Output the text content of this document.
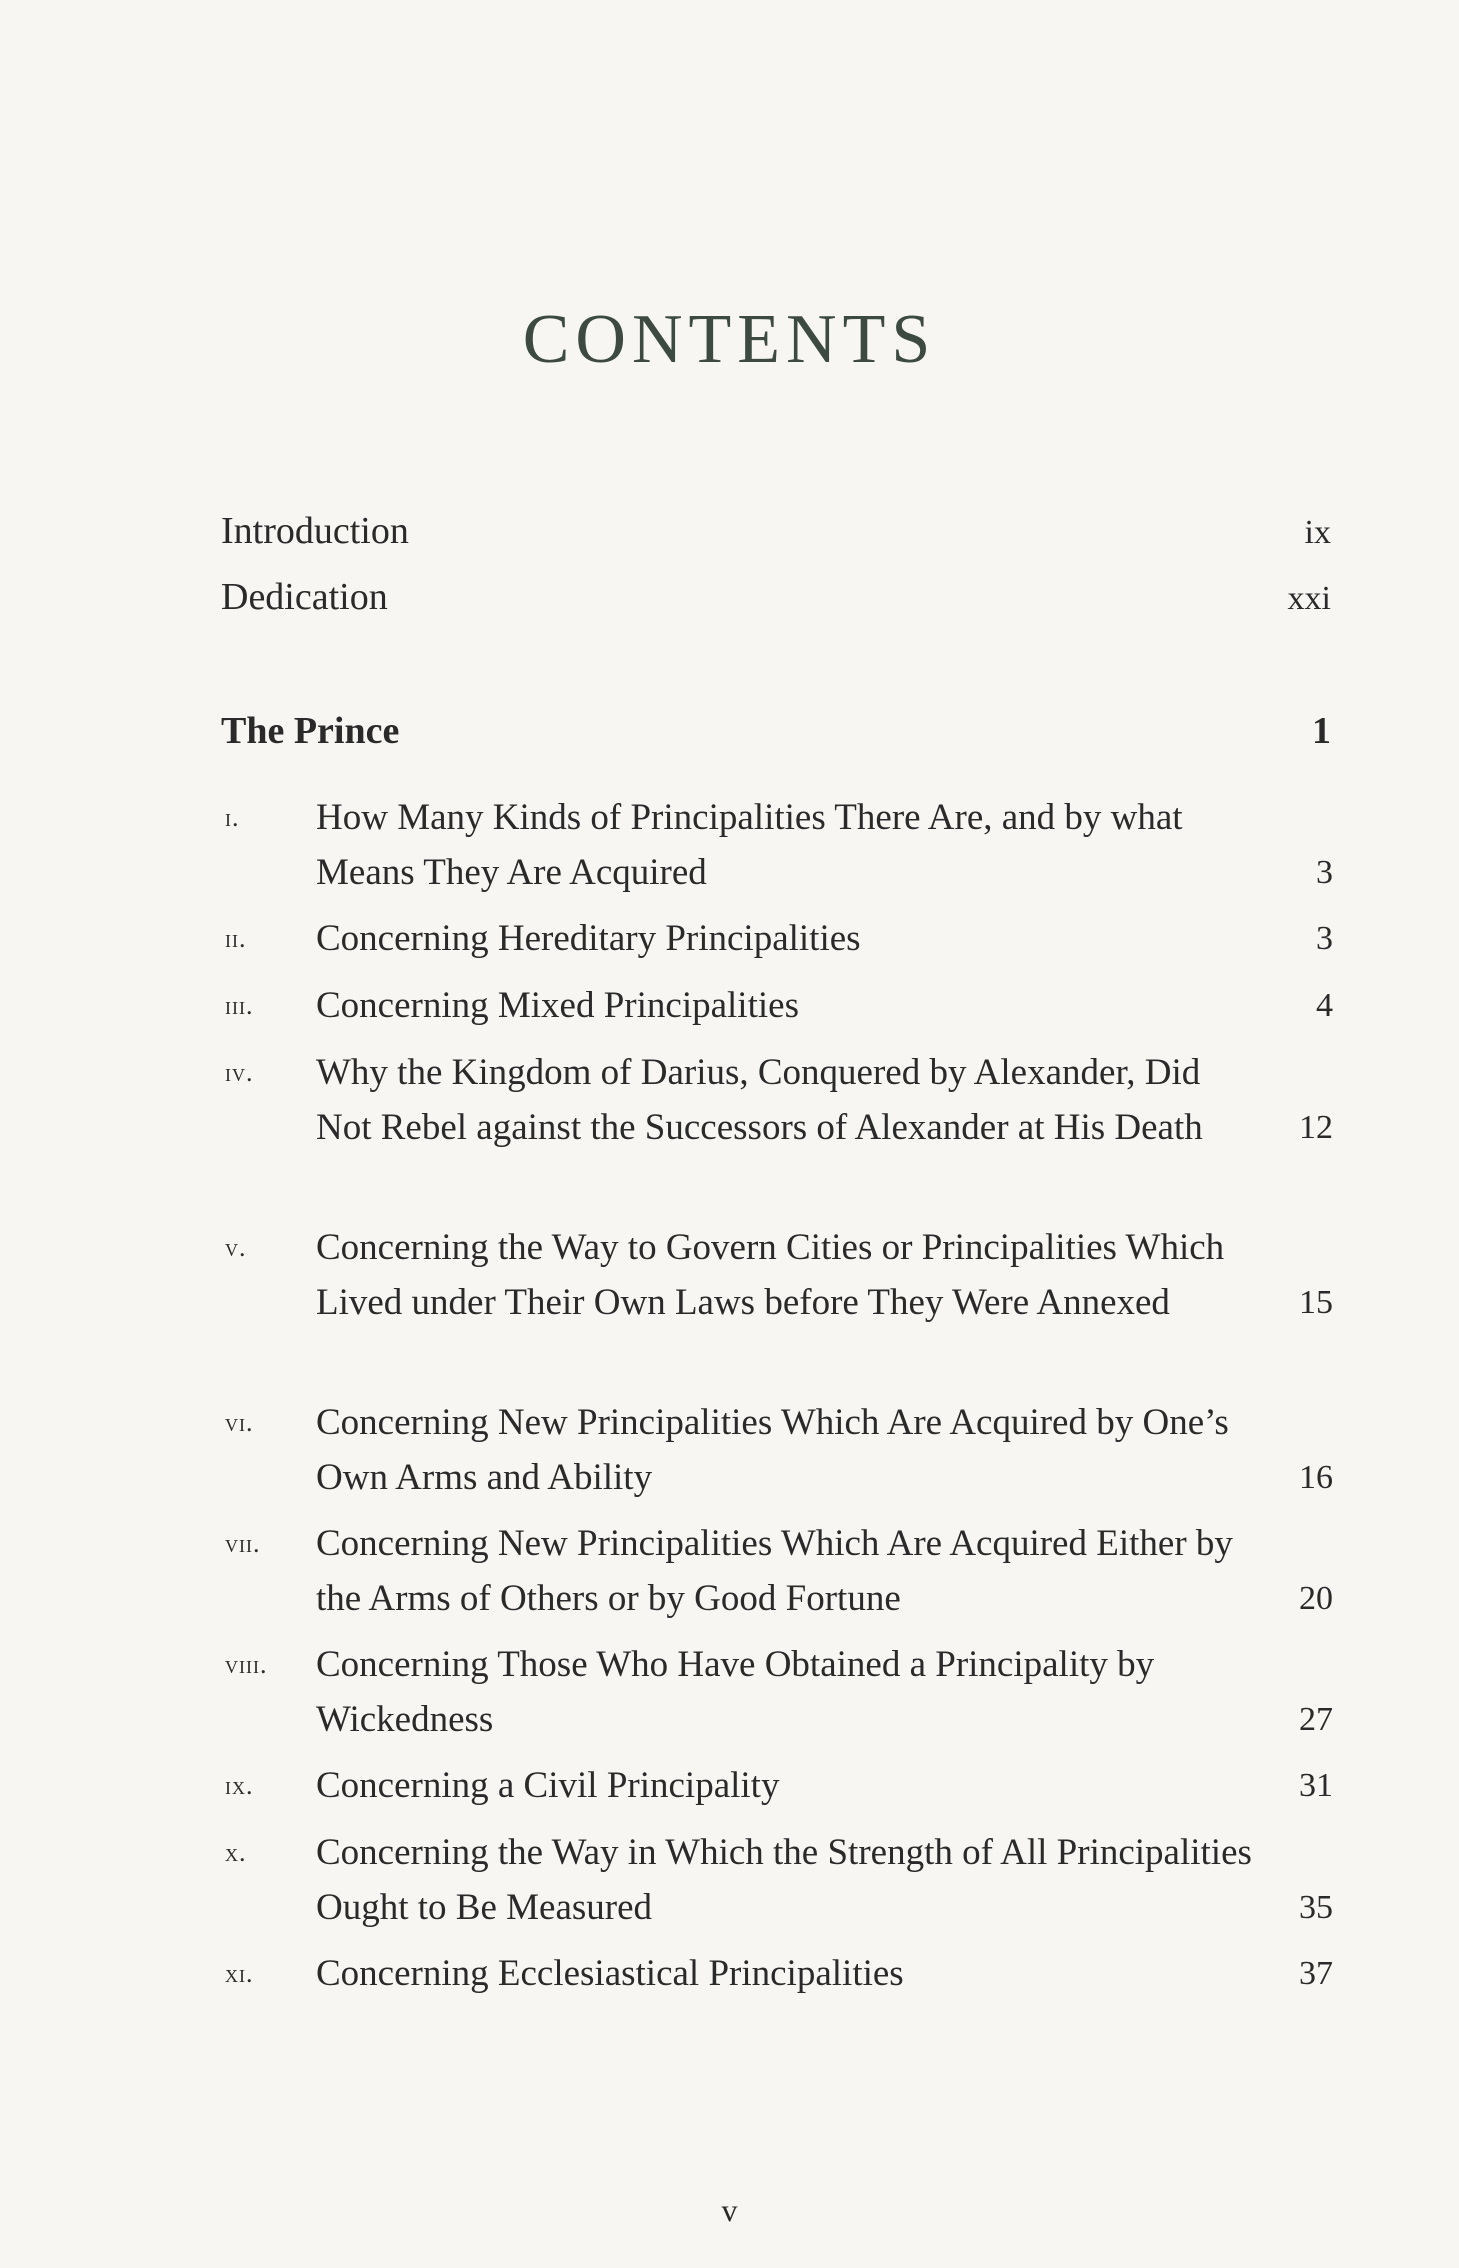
CONTENTS
Introduction	ix
Dedication	xxi
The Prince	1
i. How Many Kinds of Principalities There Are, and by what Means They Are Acquired	3
ii. Concerning Hereditary Principalities	3
iii. Concerning Mixed Principalities	4
iv. Why the Kingdom of Darius, Conquered by Alexander, Did Not Rebel against the Successors of Alexander at His Death	12
v. Concerning the Way to Govern Cities or Principalities Which Lived under Their Own Laws before They Were Annexed	15
vi. Concerning New Principalities Which Are Acquired by One’s Own Arms and Ability	16
vii. Concerning New Principalities Which Are Acquired Either by the Arms of Others or by Good Fortune	20
viii. Concerning Those Who Have Obtained a Principality by Wickedness	27
ix. Concerning a Civil Principality	31
x. Concerning the Way in Which the Strength of All Principalities Ought to Be Measured	35
xi. Concerning Ecclesiastical Principalities	37
v
